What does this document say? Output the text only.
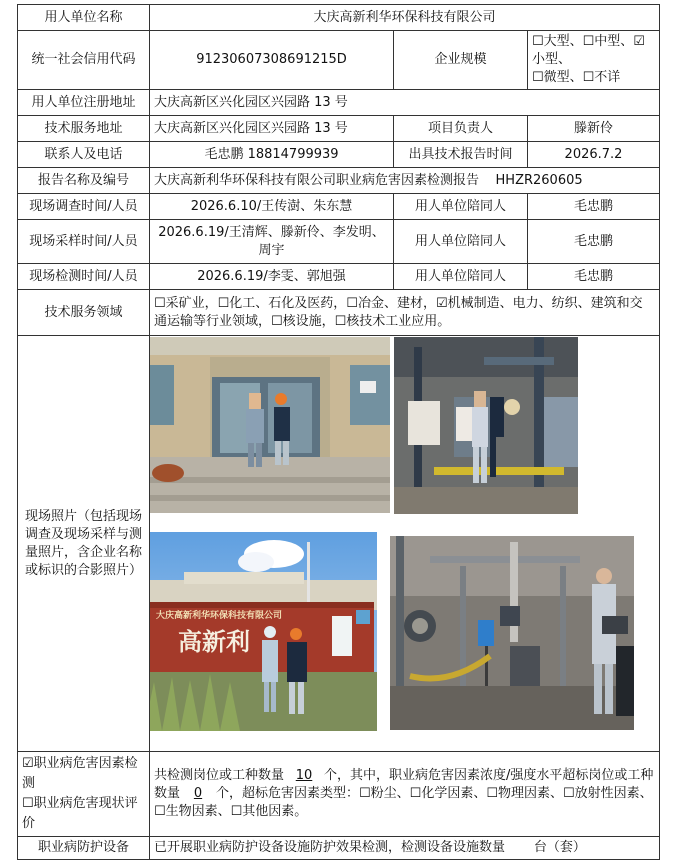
用人单位名称	大庆高新利华环保科技有限公司		
统一社会信用代码	91230607308691215D	企业规模	☐大型、☐中型、☑小型、
☐微型、☐不详

用人单位注册地址	大庆高新区兴化园区兴园路 13 号		
技术服务地址	大庆高新区兴化园区兴园路 13 号	项目负责人	滕新伶
联系人及电话	毛忠鹏 18814799939	出具技术报告时间	2026.7.2
报告名称及编号	大庆高新利华环保科技有限公司职业病危害因素检测报告    HHZR260605		
现场调查时间/人员	2026.6.10/王传澍、朱东慧	用人单位陪同人	毛忠鹏
现场采样时间/人员	2026.6.19/王清辉、滕新伶、李发明、周宇	用人单位陪同人	毛忠鹏
现场检测时间/人员	2026.6.19/李雯、郭旭强	用人单位陪同人	毛忠鹏
技术服务领域	☐采矿业，☐化工、石化及医药，☐冶金、建材，☑机械制造、电力、纺织、建筑和交通运输等行业领域，☐核设施，☐核技术工业应用。		
现场照片（包括现场调查及现场采样与测量照片，含企业名称或标识的合影照片）	大庆高新利华环保科技有限公司
高新利		

☑职业病危害因素检测
☐职业病危害现状评价	共检测岗位或工种数量 10 个，其中，职业病危害因素浓度/强度水平超标岗位或工种数量 0 个，超标危害因素类型：☐粉尘、☐化学因素、☐物理因素、☐放射性因素、☐生物因素、☐其他因素。		
职业病防护设备	已开展职业病防护设备设施防护效果检测，检测设备设施数量       台（套）		
